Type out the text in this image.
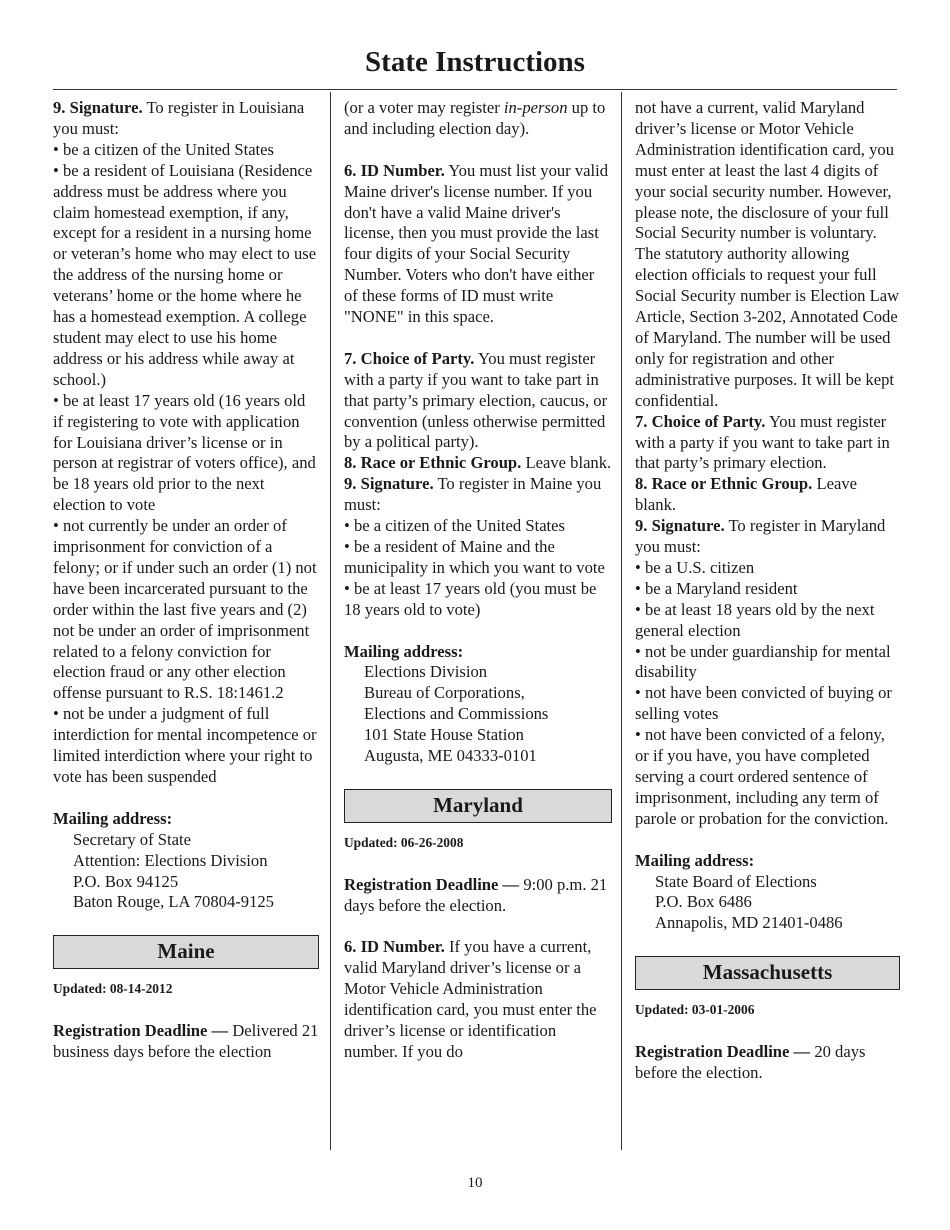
State Instructions

9. Signature. To register in Louisiana you must:

• be a citizen of the United States

• be a resident of Louisiana (Residence address must be address where you claim homestead exemption, if any, except for a resident in a nursing home or veteran’s home who may elect to use the address of the nursing home or veterans’ home or the home where he has a homestead exemption. A college student may elect to use his home address or his address while away at school.)

• be at least 17 years old (16 years old if registering to vote with application for Louisiana driver’s license or in person at registrar of voters office), and be 18 years old prior to the next election to vote

• not currently be under an order of imprisonment for conviction of a felony; or if under such an order (1) not have been incarcerated pursuant to the order within the last five years and (2) not be under an order of imprisonment related to a felony conviction for election fraud or any other election offense pursuant to R.S. 18:1461.2

• not be under a judgment of full interdiction for mental incompetence or limited interdiction where your right to vote has been suspended

Mailing address:

Secretary of State
Attention: Elections Division
P.O. Box 94125
Baton Rouge, LA 70804-9125
Maine

Updated: 08-14-2012

Registration Deadline — Delivered 21 business days before the election

(or a voter may register in-person up to and including election day).

6. ID Number. You must list your valid Maine driver's license number. If you don't have a valid Maine driver's license, then you must provide the last four digits of your Social Security Number. Voters who don't have either of these forms of ID must write "NONE" in this space.

7. Choice of Party. You must register with a party if you want to take part in that party’s primary election, caucus, or convention (unless otherwise permitted by a political party).

8. Race or Ethnic Group. Leave blank.

9. Signature. To register in Maine you must:

• be a citizen of the United States

• be a resident of Maine and the municipality in which you want to vote

• be at least 17 years old (you must be 18 years old to vote)

Mailing address:

Elections Division
Bureau of Corporations,
Elections and Commissions
101 State House Station
Augusta, ME 04333-0101
Maryland

Updated: 06-26-2008

Registration Deadline — 9:00 p.m. 21 days before the election.

6. ID Number. If you have a current, valid Maryland driver’s license or a Motor Vehicle Administration identification card, you must enter the driver’s license or identification number. If you do

not have a current, valid Maryland driver’s license or Motor Vehicle Administration identification card, you must enter at least the last 4 digits of your social security number. However, please note, the disclosure of your full Social Security number is voluntary. The statutory authority allowing election officials to request your full Social Security number is Election Law Article, Section 3-202, Annotated Code of Maryland. The number will be used only for registration and other administrative purposes. It will be kept confidential.

7. Choice of Party. You must register with a party if you want to take part in that party’s primary election.

8. Race or Ethnic Group. Leave blank.

9. Signature. To register in Maryland you must:

• be a U.S. citizen

• be a Maryland resident

• be at least 18 years old by the next general election

• not be under guardianship for mental disability

• not have been convicted of buying or selling votes

• not have been convicted of a felony, or if you have, you have completed serving a court ordered sentence of imprisonment, including any term of parole or probation for the conviction.

Mailing address:

State Board of Elections
P.O. Box 6486
Annapolis, MD 21401-0486
Massachusetts

Updated: 03-01-2006

Registration Deadline — 20 days before the election.

10
